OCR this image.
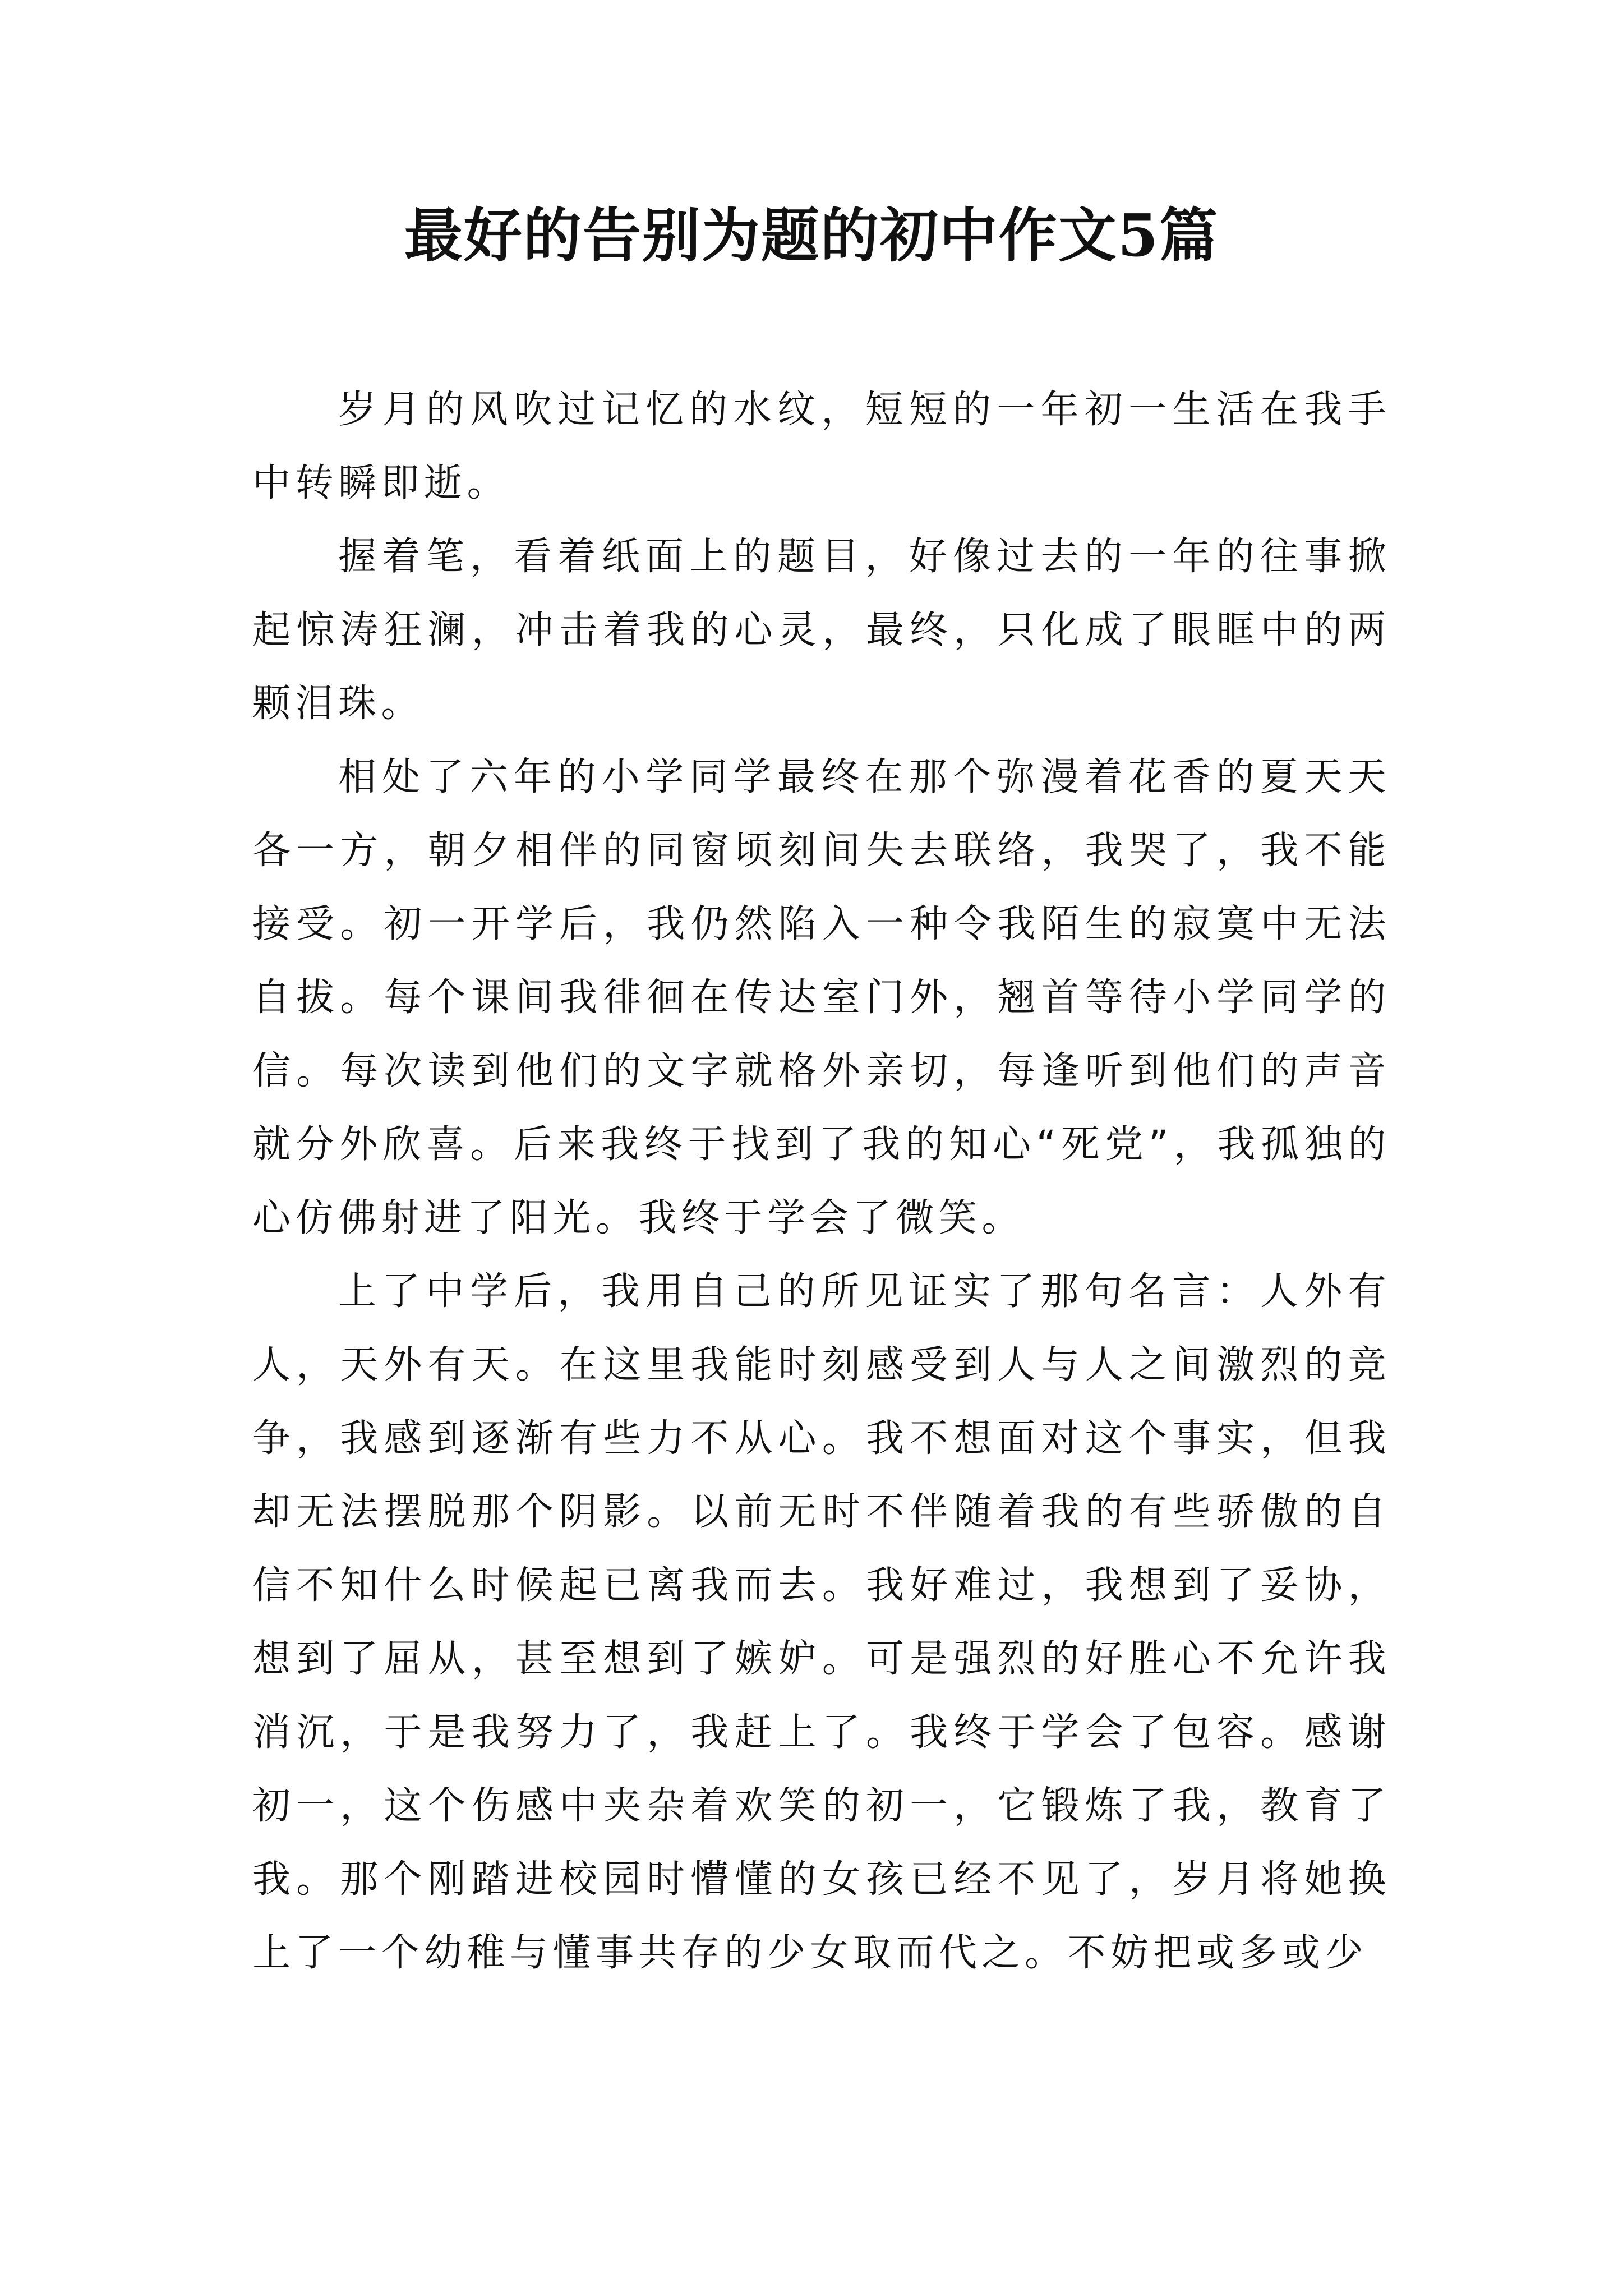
最好的告别为题的初中作文5篇

岁月的风吹过记忆的水纹，短短的一年初一生活在我手中转瞬即逝。

握着笔，看着纸面上的题目，好像过去的一年的往事掀起惊涛狂澜，冲击着我的心灵，最终，只化成了眼眶中的两颗泪珠。

相处了六年的小学同学最终在那个弥漫着花香的夏天天各一方，朝夕相伴的同窗顷刻间失去联络，我哭了，我不能接受。初一开学后，我仍然陷入一种令我陌生的寂寞中无法自拔。每个课间我徘徊在传达室门外，翘首等待小学同学的信。每次读到他们的文字就格外亲切，每逢听到他们的声音就分外欣喜。后来我终于找到了我的知心“死党”，我孤独的心仿佛射进了阳光。我终于学会了微笑。

上了中学后，我用自己的所见证实了那句名言：人外有人，天外有天。在这里我能时刻感受到人与人之间激烈的竞争，我感到逐渐有些力不从心。我不想面对这个事实，但我却无法摆脱那个阴影。以前无时不伴随着我的有些骄傲的自信不知什么时候起已离我而去。我好难过，我想到了妥协，想到了屈从，甚至想到了嫉妒。可是强烈的好胜心不允许我消沉，于是我努力了，我赶上了。我终于学会了包容。感谢初一，这个伤感中夹杂着欢笑的初一，它锻炼了我，教育了我。那个刚踏进校园时懵懂的女孩已经不见了，岁月将她换上了一个幼稚与懂事共存的少女取而代之。不妨把或多或少
